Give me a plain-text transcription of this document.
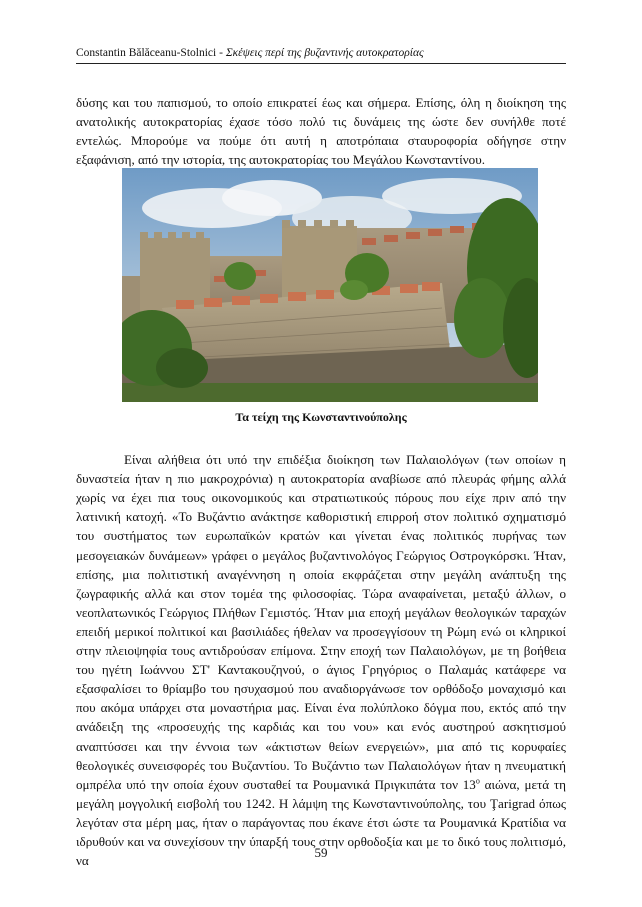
Constantin Bălăceanu-Stolnici - Σκέψεις περί της βυζαντινής αυτοκρατορίας

δύσης και του παπισμού, το οποίο επικρατεί έως και σήμερα. Επίσης, όλη η διοίκηση της ανατολικής αυτοκρατορίας έχασε τόσο πολύ τις δυνάμεις της ώστε δεν συνήλθε ποτέ εντελώς. Μπορούμε να πούμε ότι αυτή η αποτρόπαια σταυροφορία οδήγησε στην εξαφάνιση, από την ιστορία, της αυτοκρατορίας του Μεγάλου Κωνσταντίνου.

Τα τείχη της Κωνσταντινούπολης

Είναι αλήθεια ότι υπό την επιδέξια διοίκηση των Παλαιολόγων (των οποίων η δυναστεία ήταν η πιο μακροχρόνια) η αυτοκρατορία αναβίωσε από πλευράς φήμης αλλά χωρίς να έχει πια τους οικονομικούς και στρατιωτικούς πόρους που είχε πριν από την λατινική κατοχή. «Το Βυζάντιο ανάκτησε καθοριστική επιρροή στον πολιτικό σχηματισμό του συστήματος των ευρωπαϊκών κρατών και γίνεται ένας πολιτικός πυρήνας των μεσογειακών δυνάμεων» γράφει ο μεγάλος βυζαντινολόγος Γεώργιος Οστρογκόρσκι. Ήταν, επίσης, μια πολιτιστική αναγέννηση η οποία εκφράζεται στην μεγάλη ανάπτυξη της ζωγραφικής αλλά και στον τομέα της φιλοσοφίας. Τώρα αναφαίνεται, μεταξύ άλλων, ο νεοπλατωνικός Γεώργιος Πλήθων Γεμιστός. Ήταν μια εποχή μεγάλων θεολογικών ταραχών επειδή μερικοί πολιτικοί και βασιλιάδες ήθελαν να προσεγγίσουν τη Ρώμη ενώ οι κληρικοί στην πλειοψηφία τους αντιδρούσαν επίμονα. Στην εποχή των Παλαιολόγων, με τη βοήθεια του ηγέτη Ιωάννου ΣΤ' Καντακουζηνού, ο άγιος Γρηγόριος ο Παλαμάς κατάφερε να εξασφαλίσει το θρίαμβο του ησυχασμού που αναδιοργάνωσε τον ορθόδοξο μοναχισμό και που ακόμα υπάρχει στα μοναστήρια μας. Είναι ένα πολύπλοκο δόγμα που, εκτός από την ανάδειξη της «προσευχής της καρδιάς και του νου» και ενός αυστηρού ασκητισμού αναπτύσσει και την έννοια των «άκτιστων θείων ενεργειών», μια από τις κορυφαίες θεολογικές συνεισφορές του Βυζαντίου. Το Βυζάντιο των Παλαιολόγων ήταν η πνευματική ομπρέλα υπό την οποία έχουν συσταθεί τα Ρουμανικά Πριγκιπάτα τον $13^o$ αιώνα, μετά τη μεγάλη μογγολική εισβολή του 1242. Η λάμψη της Κωνσταντινούπολης, του Ţarigrad όπως λεγόταν στα μέρη μας, ήταν ο παράγοντας που έκανε έτσι ώστε τα Ρουμανικά Κρατίδια να ιδρυθούν και να συνεχίσουν την ύπαρξή τους στην ορθοδοξία και με το δικό τους πολιτισμό, να

59
